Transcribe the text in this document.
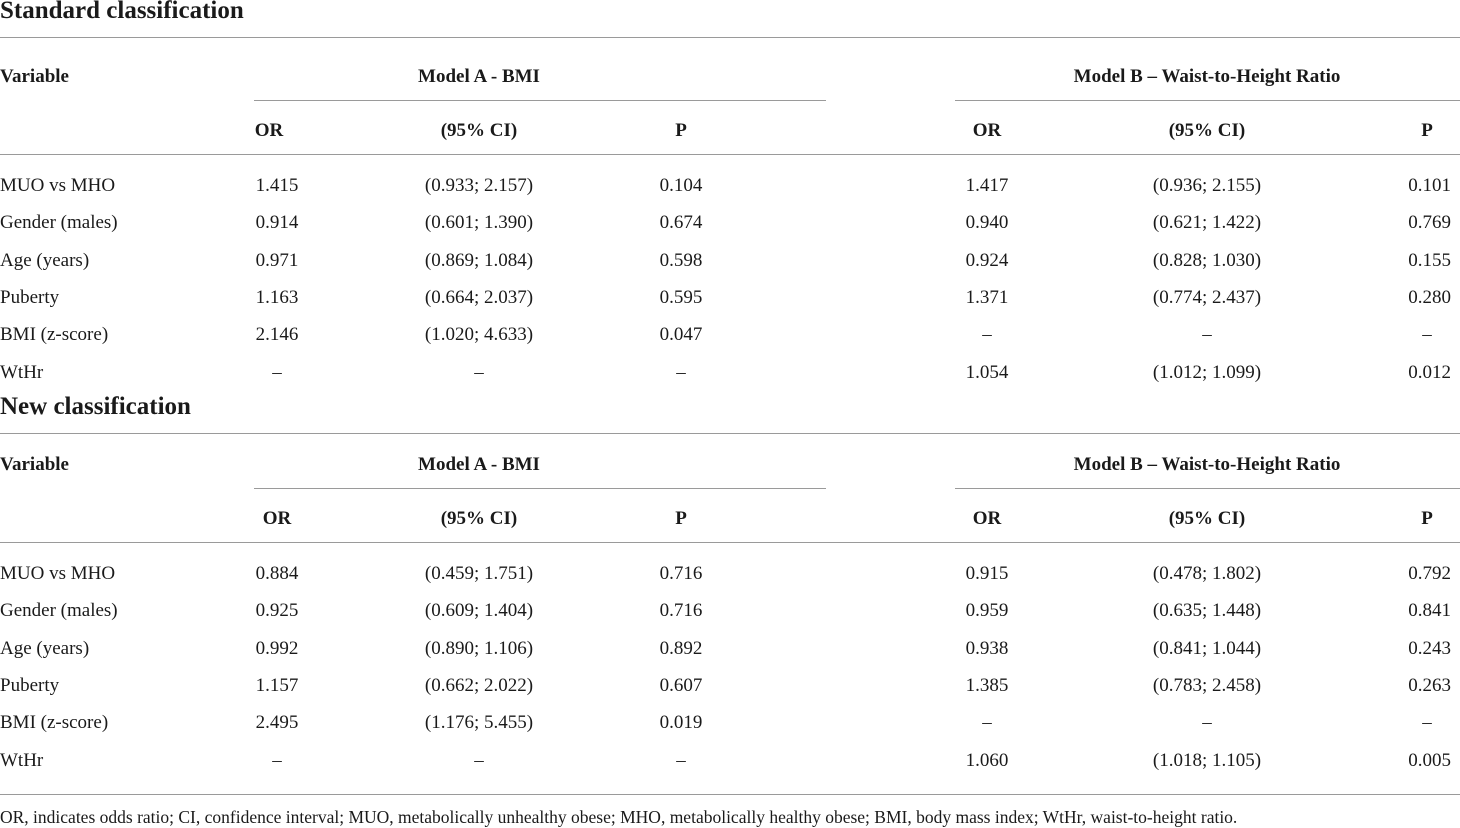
Standard classification
Variable	Model A - BMI	Model B – Waist-to-Height Ratio
OR	(95% CI)	P	OR	(95% CI)	P
MUO vs MHO	1.415	(0.933; 2.157)	0.104	1.417	(0.936; 2.155)	0.101
Gender (males)	0.914	(0.601; 1.390)	0.674	0.940	(0.621; 1.422)	0.769
Age (years)	0.971	(0.869; 1.084)	0.598	0.924	(0.828; 1.030)	0.155
Puberty	1.163	(0.664; 2.037)	0.595	1.371	(0.774; 2.437)	0.280
BMI (z-score)	2.146	(1.020; 4.633)	0.047	–	–	–
WtHr	–	–	–	1.054	(1.012; 1.099)	0.012
New classification
Variable	Model A - BMI	Model B – Waist-to-Height Ratio
OR	(95% CI)	P	OR	(95% CI)	P
MUO vs MHO	0.884	(0.459; 1.751)	0.716	0.915	(0.478; 1.802)	0.792
Gender (males)	0.925	(0.609; 1.404)	0.716	0.959	(0.635; 1.448)	0.841
Age (years)	0.992	(0.890; 1.106)	0.892	0.938	(0.841; 1.044)	0.243
Puberty	1.157	(0.662; 2.022)	0.607	1.385	(0.783; 2.458)	0.263
BMI (z-score)	2.495	(1.176; 5.455)	0.019	–	–	–
WtHr	–	–	–	1.060	(1.018; 1.105)	0.005
OR, indicates odds ratio; CI, confidence interval; MUO, metabolically unhealthy obese; MHO, metabolically healthy obese; BMI, body mass index; WtHr, waist-to-height ratio.
